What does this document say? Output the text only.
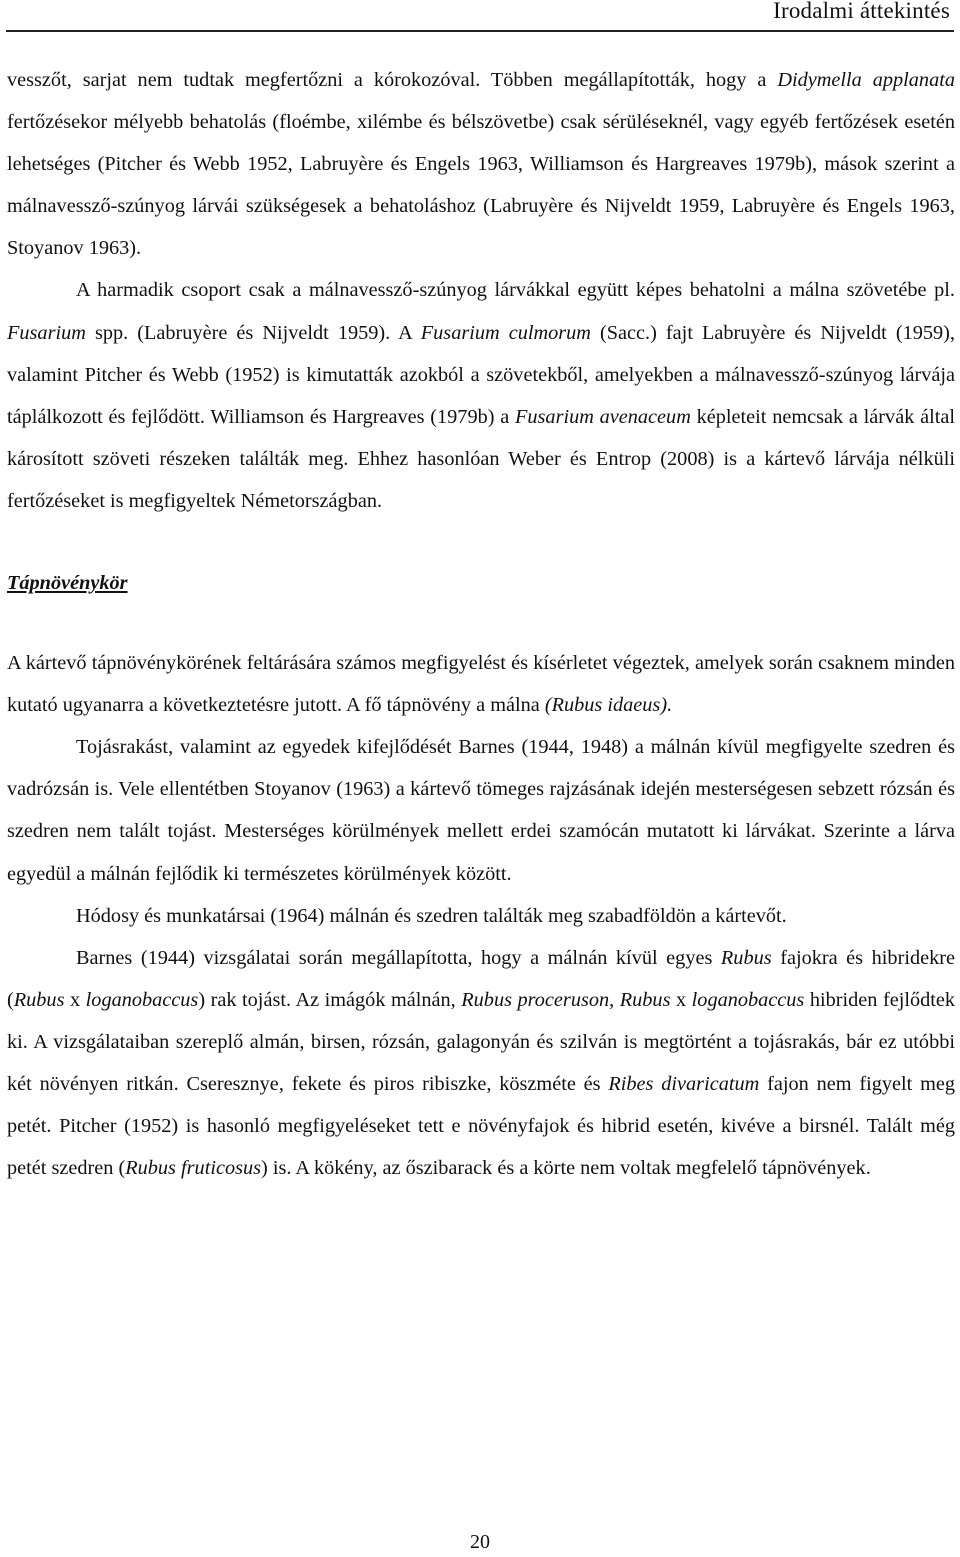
Irodalmi áttekintés

vesszőt, sarjat nem tudtak megfertőzni a kórokozóval. Többen megállapították, hogy a Didymella applanata fertőzésekor mélyebb behatolás (floémbe, xilémbe és bélszövetbe) csak sérüléseknél, vagy egyéb fertőzések esetén lehetséges (Pitcher és Webb 1952, Labruyère és Engels 1963, Williamson és Hargreaves 1979b), mások szerint a málnavessző-szúnyog lárvái szükségesek a behatoláshoz (Labruyère és Nijveldt 1959, Labruyère és Engels 1963, Stoyanov 1963).

A harmadik csoport csak a málnavessző-szúnyog lárvákkal együtt képes behatolni a málna szövetébe pl. Fusarium spp. (Labruyère és Nijveldt 1959). A Fusarium culmorum (Sacc.) fajt Labruyère és Nijveldt (1959), valamint Pitcher és Webb (1952) is kimutatták azokból a szövetekből, amelyekben a málnavessző-szúnyog lárvája táplálkozott és fejlődött. Williamson és Hargreaves (1979b) a Fusarium avenaceum képleteit nemcsak a lárvák által károsított szöveti részeken találták meg. Ehhez hasonlóan Weber és Entrop (2008) is a kártevő lárvája nélküli fertőzéseket is megfigyeltek Németországban.

Tápnövénykör

A kártevő tápnövénykörének feltárására számos megfigyelést és kísérletet végeztek, amelyek során csaknem minden kutató ugyanarra a következtetésre jutott. A fő tápnövény a málna (Rubus idaeus).

Tojásrakást, valamint az egyedek kifejlődését Barnes (1944, 1948) a málnán kívül megfigyelte szedren és vadrózsán is. Vele ellentétben Stoyanov (1963) a kártevő tömeges rajzásának idején mesterségesen sebzett rózsán és szedren nem talált tojást. Mesterséges körülmények mellett erdei szamócán mutatott ki lárvákat. Szerinte a lárva egyedül a málnán fejlődik ki természetes körülmények között.

Hódosy és munkatársai (1964) málnán és szedren találták meg szabadföldön a kártevőt.

Barnes (1944) vizsgálatai során megállapította, hogy a málnán kívül egyes Rubus fajokra és hibridekre (Rubus x loganobaccus) rak tojást. Az imágók málnán, Rubus proceruson, Rubus x loganobaccus hibriden fejlődtek ki. A vizsgálataiban szereplő almán, birsen, rózsán, galagonyán és szilván is megtörtént a tojásrakás, bár ez utóbbi két növényen ritkán. Cseresznye, fekete és piros ribiszke, köszméte és Ribes divaricatum fajon nem figyelt meg petét. Pitcher (1952) is hasonló megfigyeléseket tett e növényfajok és hibrid esetén, kivéve a birsnél. Talált még petét szedren (Rubus fruticosus) is. A kökény, az őszibarack és a körte nem voltak megfelelő tápnövények.

20
